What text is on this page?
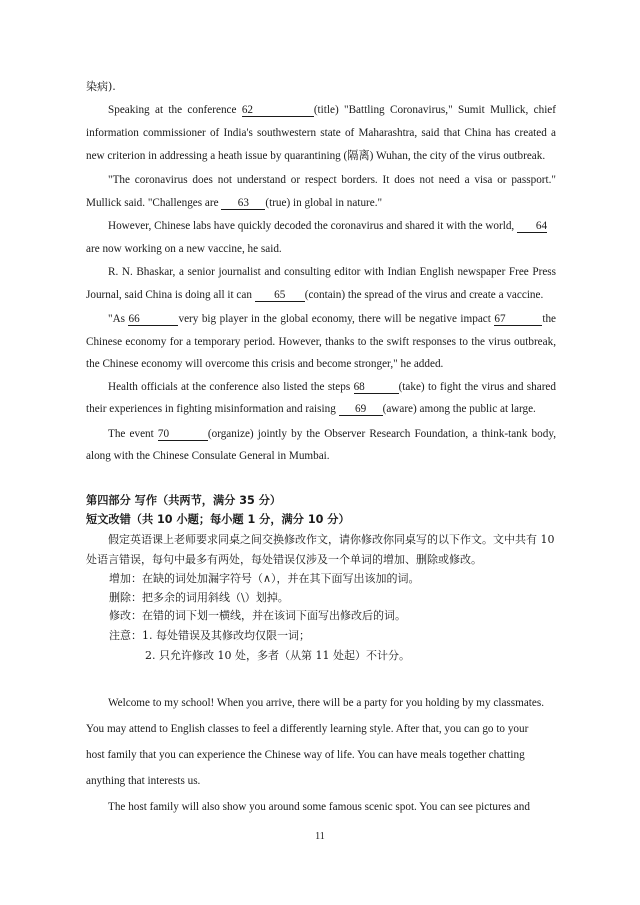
染病).
Speaking at the conference 62	(title) "Battling Coronavirus," Sumit Mullick, chief
information commissioner of India's southwestern state of Maharashtra, said that China has created a
new criterion in addressing a heath issue by quarantining (隔离) Wuhan, the city of the virus outbreak.
"The coronavirus does not understand or respect borders. It does not need a visa or passport."
Mullick said. "Challenges are 63 (true) in global in nature."
However, Chinese labs have quickly decoded the coronavirus and shared it with the world, 64
are now working on a new vaccine, he said.
R. N. Bhaskar, a senior journalist and consulting editor with Indian English newspaper Free Press
Journal, said China is doing all it can 65 (contain) the spread of the virus and create a vaccine.
"As 66	very big player in the global economy, there will be negative impact 67	the
Chinese economy for a temporary period. However, thanks to the swift responses to the virus outbreak,
the Chinese economy will overcome this crisis and become stronger," he added.
Health officials at the conference also listed the steps 68	(take) to fight the virus and shared
their experiences in fighting misinformation and raising 69 (aware) among the public at large.
The event 70	(organize) jointly by the Observer Research Foundation, a think-tank body,
along with the Chinese Consulate General in Mumbai.
第四部分 写作（共两节，满分 35 分）
短文改错（共 10 小题；每小题 1 分，满分 10 分）
假定英语课上老师要求同桌之间交换修改作文，请你修改你同桌写的以下作文。文中共有 10
处语言错误，每句中最多有两处，每处错误仅涉及一个单词的增加、删除或修改。
增加：在缺的词处加漏字符号（∧），并在其下面写出该加的词。
删除：把多余的词用斜线（\）划掉。
修改：在错的词下划一横线，并在该词下面写出修改后的词。
注意：1. 每处错误及其修改均仅限一词；
2. 只允许修改 10 处，多者（从第 11 处起）不计分。
Welcome to my school! When you arrive, there will be a party for you holding by my classmates.
You may attend to English classes to feel a differently learning style. After that, you can go to your
host family that you can experience the Chinese way of life. You can have meals together chatting
anything that interests us.
The host family will also show you around some famous scenic spot. You can see pictures and
11
